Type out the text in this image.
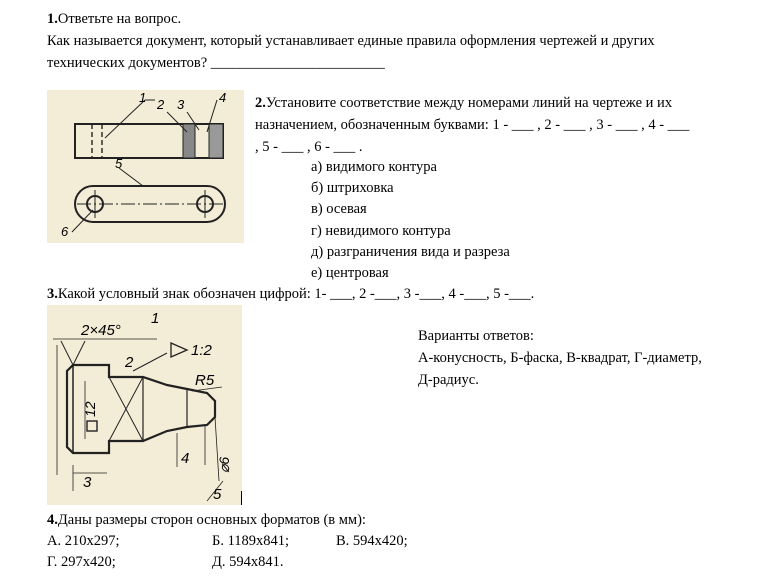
1.Ответьте на вопрос.
Как называется документ, который устанавливает единые правила оформления чертежей и других
технических документов? ________________________
1 2 3	4
5
6
2.Установите соответствие между номерами линий на чертеже и их
назначением, обозначенным буквами: 1 - ___ , 2 - ___ , 3 - ___ , 4 - ___
, 5 - ___ , 6 - ___ .
а) видимого контура
б) штриховка
в) осевая
г) невидимого контура
д) разграничения вида и разреза
е) центровая
3.Какой условный знак обозначен цифрой: 1- ___, 2 -___, 3 -___, 4 -___, 5 -___.
2×45°
1:2
R5
12
⌀6
1
2
3
4
5
Варианты ответов:
А-конусность, Б-фаска, В-квадрат, Г-диаметр,
Д-радиус.
4.Даны размеры сторон основных форматов (в мм):
А. 210x297;	Б. 1189x841;	В. 594x420;
Г. 297x420;	Д. 594x841.
